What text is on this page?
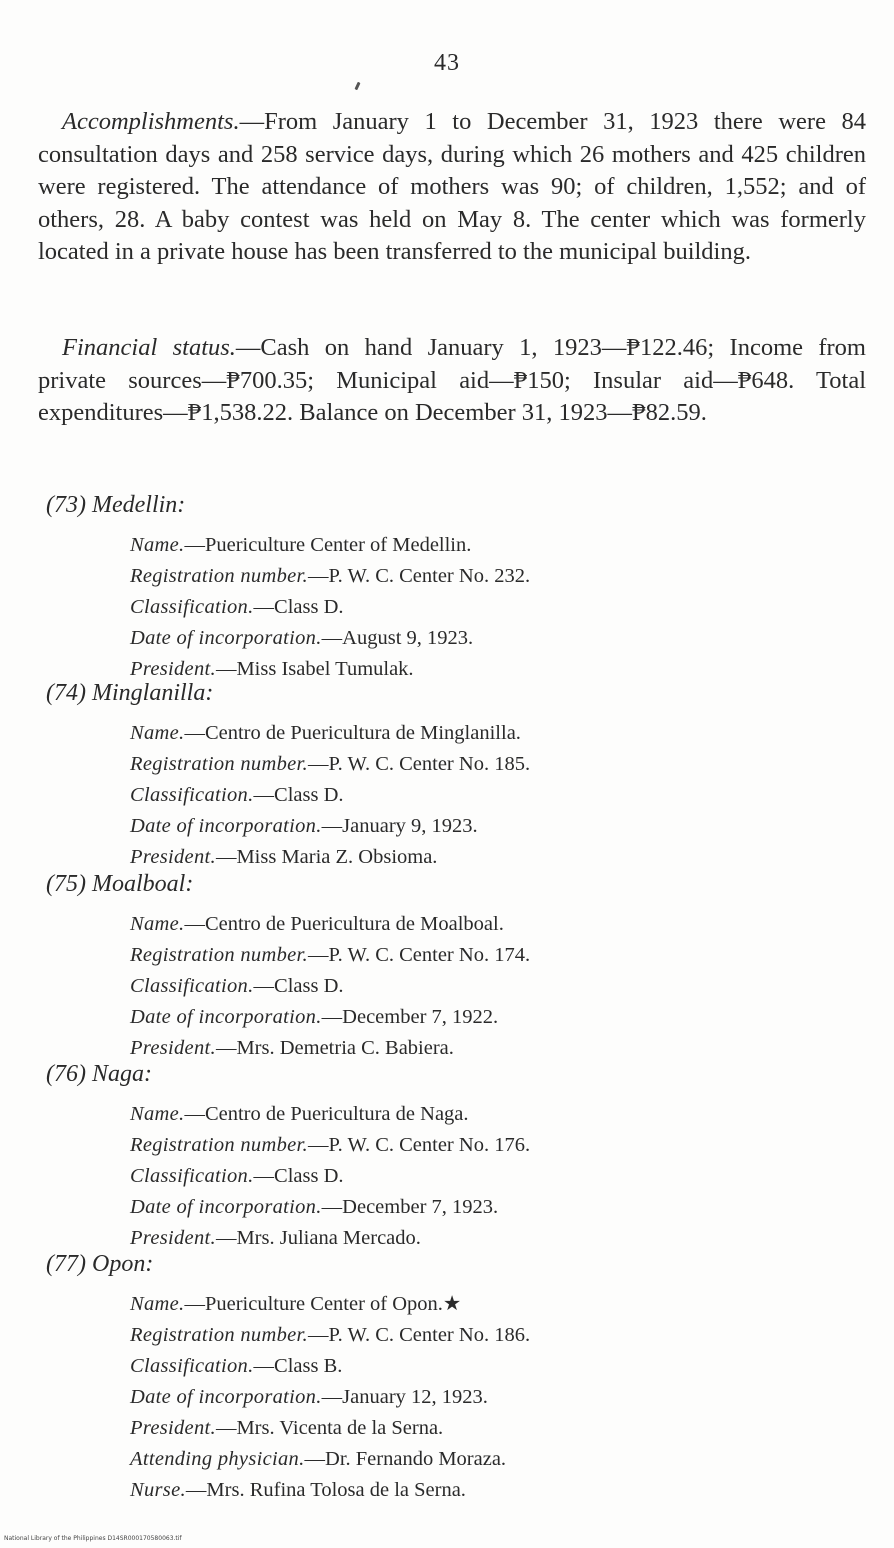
43
Accomplishments.—From January 1 to December 31, 1923 there were 84 consultation days and 258 service days, during which 26 mothers and 425 children were registered. The attendance of mothers was 90; of children, 1,552; and of others, 28. A baby contest was held on May 8. The center which was formerly located in a private house has been transferred to the municipal building.
Financial status.—Cash on hand January 1, 1923—₱122.46; Income from private sources—₱700.35; Municipal aid—₱150; Insular aid—₱648. Total expenditures—₱1,538.22. Balance on December 31, 1923—₱82.59.
(73) Medellin:
Name.—Puericulture Center of Medellin.
Registration number.—P. W. C. Center No. 232.
Classification.—Class D.
Date of incorporation.—August 9, 1923.
President.—Miss Isabel Tumulak.
(74) Minglanilla:
Name.—Centro de Puericultura de Minglanilla.
Registration number.—P. W. C. Center No. 185.
Classification.—Class D.
Date of incorporation.—January 9, 1923.
President.—Miss Maria Z. Obsioma.
(75) Moalboal:
Name.—Centro de Puericultura de Moalboal.
Registration number.—P. W. C. Center No. 174.
Classification.—Class D.
Date of incorporation.—December 7, 1922.
President.—Mrs. Demetria C. Babiera.
(76) Naga:
Name.—Centro de Puericultura de Naga.
Registration number.—P. W. C. Center No. 176.
Classification.—Class D.
Date of incorporation.—December 7, 1923.
President.—Mrs. Juliana Mercado.
(77) Opon:
Name.—Puericulture Center of Opon.★
Registration number.—P. W. C. Center No. 186.
Classification.—Class B.
Date of incorporation.—January 12, 1923.
President.—Mrs. Vicenta de la Serna.
Attending physician.—Dr. Fernando Moraza.
Nurse.—Mrs. Rufina Tolosa de la Serna.
National Library of the Philippines D14SR000170580063.tif
